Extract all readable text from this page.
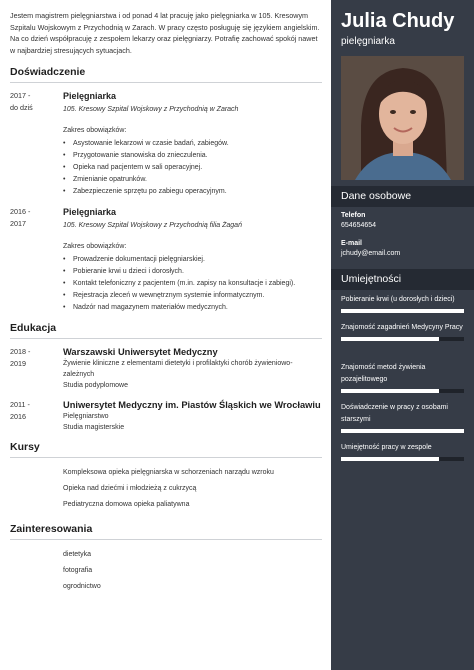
Jestem magistrem pielęgniarstwa i od ponad 4 lat pracuję jako pielęgniarka w 105. Kresowym Szpitalu Wojskowym z Przychodnią w Zarach. W pracy często posługuję się językiem angielskim. Na co dzień współpracuję z zespołem lekarzy oraz pielęgniarzy. Potrafię zachować spokój nawet w najbardziej stresujących sytuacjach.

Doświadczenie
2017 - do dziś
Pielęgniarka
105. Kresowy Szpital Wojskowy z Przychodnią w Zarach
Zakres obowiązków:
• Asystowanie lekarzowi w czasie badań, zabiegów.
• Przygotowanie stanowiska do znieczulenia.
• Opieka nad pacjentem w sali operacyjnej.
• Zmienianie opatrunków.
• Zabezpieczenie sprzętu po zabiegu operacyjnym.
2016 - 2017
Pielęgniarka
105. Kresowy Szpital Wojskowy z Przychodnią filia Żagań
Zakres obowiązków:
• Prowadzenie dokumentacji pielęgniarskiej.
• Pobieranie krwi u dzieci i dorosłych.
• Kontakt telefoniczny z pacjentem (m.in. zapisy na konsultacje i zabiegi).
• Rejestracja zleceń w wewnętrznym systemie informatycznym.
• Nadzór nad magazynem materiałów medycznych.
Edukacja
2018 - 2019
Warszawski Uniwersytet Medyczny
Żywienie kliniczne z elementami dietetyki i profilaktyki chorób żywieniowo-zależnych
Studia podyplomowe
2011 - 2016
Uniwersytet Medyczny im. Piastów Śląskich we Wrocławiu
Pielęgniarstwo
Studia magisterskie
Kursy
Kompleksowa opieka pielęgniarska w schorzeniach narządu wzroku
Opieka nad dziećmi i młodzieżą z cukrzycą
Pediatryczna domowa opieka paliatywna
Zainteresowania
dietetyka
fotografia
ogrodnictwo
Julia Chudy
pielęgniarka
Dane osobowe
Telefon
654654654
E-mail
jchudy@email.com
Umiejętności
Pobieranie krwi (u dorosłych i dzieci)
Znajomość zagadnień Medycyny Pracy
Znajomość metod żywienia pozajelitowego
Doświadczenie w pracy z osobami starszymi
Umiejętność pracy w zespole
